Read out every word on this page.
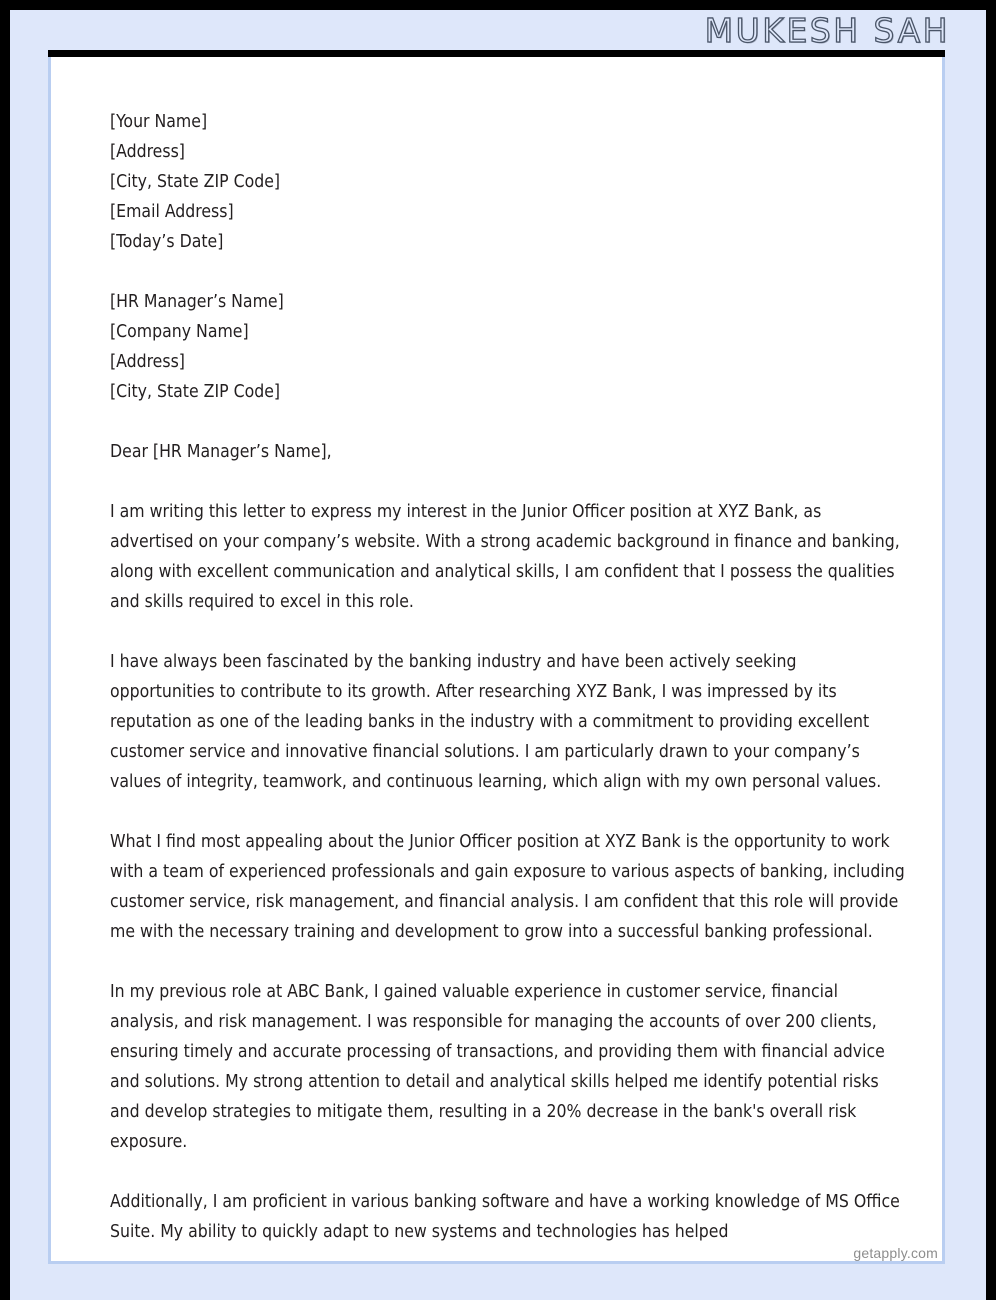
MUKESH SAH
[Your Name]
[Address]
[City, State ZIP Code]
[Email Address]
[Today’s Date]
[HR Manager’s Name]
[Company Name]
[Address]
[City, State ZIP Code]
Dear [HR Manager’s Name],
I am writing this letter to express my interest in the Junior Officer position at XYZ Bank, as advertised on your company’s website. With a strong academic background in finance and banking, along with excellent communication and analytical skills, I am confident that I possess the qualities and skills required to excel in this role.
I have always been fascinated by the banking industry and have been actively seeking opportunities to contribute to its growth. After researching XYZ Bank, I was impressed by its reputation as one of the leading banks in the industry with a commitment to providing excellent customer service and innovative financial solutions. I am particularly drawn to your company’s values of integrity, teamwork, and continuous learning, which align with my own personal values.
What I find most appealing about the Junior Officer position at XYZ Bank is the opportunity to work with a team of experienced professionals and gain exposure to various aspects of banking, including customer service, risk management, and financial analysis. I am confident that this role will provide me with the necessary training and development to grow into a successful banking professional.
In my previous role at ABC Bank, I gained valuable experience in customer service, financial analysis, and risk management. I was responsible for managing the accounts of over 200 clients, ensuring timely and accurate processing of transactions, and providing them with financial advice and solutions. My strong attention to detail and analytical skills helped me identify potential risks and develop strategies to mitigate them, resulting in a 20% decrease in the bank's overall risk exposure.
Additionally, I am proficient in various banking software and have a working knowledge of MS Office Suite. My ability to quickly adapt to new systems and technologies has helped
getapply.com
